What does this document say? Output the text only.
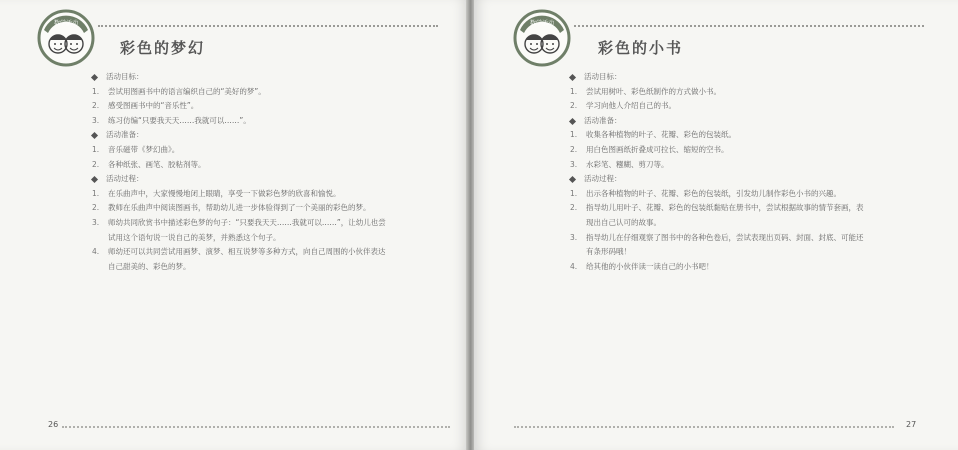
数学活动
彩色的梦幻
活动目标：
1. 尝试用图画书中的语言编织自己的“美好的梦”。
2. 感受图画书中的“音乐性”。
3. 练习仿编“只要我天天……我就可以……”。
活动准备：
1. 音乐磁带《梦幻曲》。
2. 各种纸张、画笔、胶粘剂等。
活动过程：
1. 在乐曲声中，大家慢慢地闭上眼睛，享受一下做彩色梦的欣喜和愉悦。
2. 教师在乐曲声中阅读图画书，帮助幼儿进一步体验得到了一个美丽的彩色的梦。
3. 师幼共同欣赏书中描述彩色梦的句子：“只要我天天……我就可以……”，让幼儿也尝试用这个语句说一说自己的美梦，并熟悉这个句子。
4. 师幼还可以共同尝试用画梦、演梦、相互说梦等多种方式，向自己周围的小伙伴表达自己甜美的、彩色的梦。
26
数学活动
彩色的小书
活动目标：
1. 尝试用树叶、彩色纸制作的方式做小书。
2. 学习向他人介绍自己的书。
活动准备：
1. 收集各种植物的叶子、花瓣、彩色的包装纸。
2. 用白色图画纸折叠成可拉长、缩短的空书。
3. 水彩笔、糨糊、剪刀等。
活动过程：
1. 出示各种植物的叶子、花瓣、彩色的包装纸，引发幼儿制作彩色小书的兴趣。
2. 指导幼儿用叶子、花瓣、彩色的包装纸黏贴在册书中，尝试根据故事的情节套画，表现出自己认可的故事。
3. 指导幼儿在仔细观察了图书中的各种色卷后，尝试表现出页码、封面、封底、可能还有条形码哦！
4. 给其他的小伙伴读一读自己的小书吧！
27
